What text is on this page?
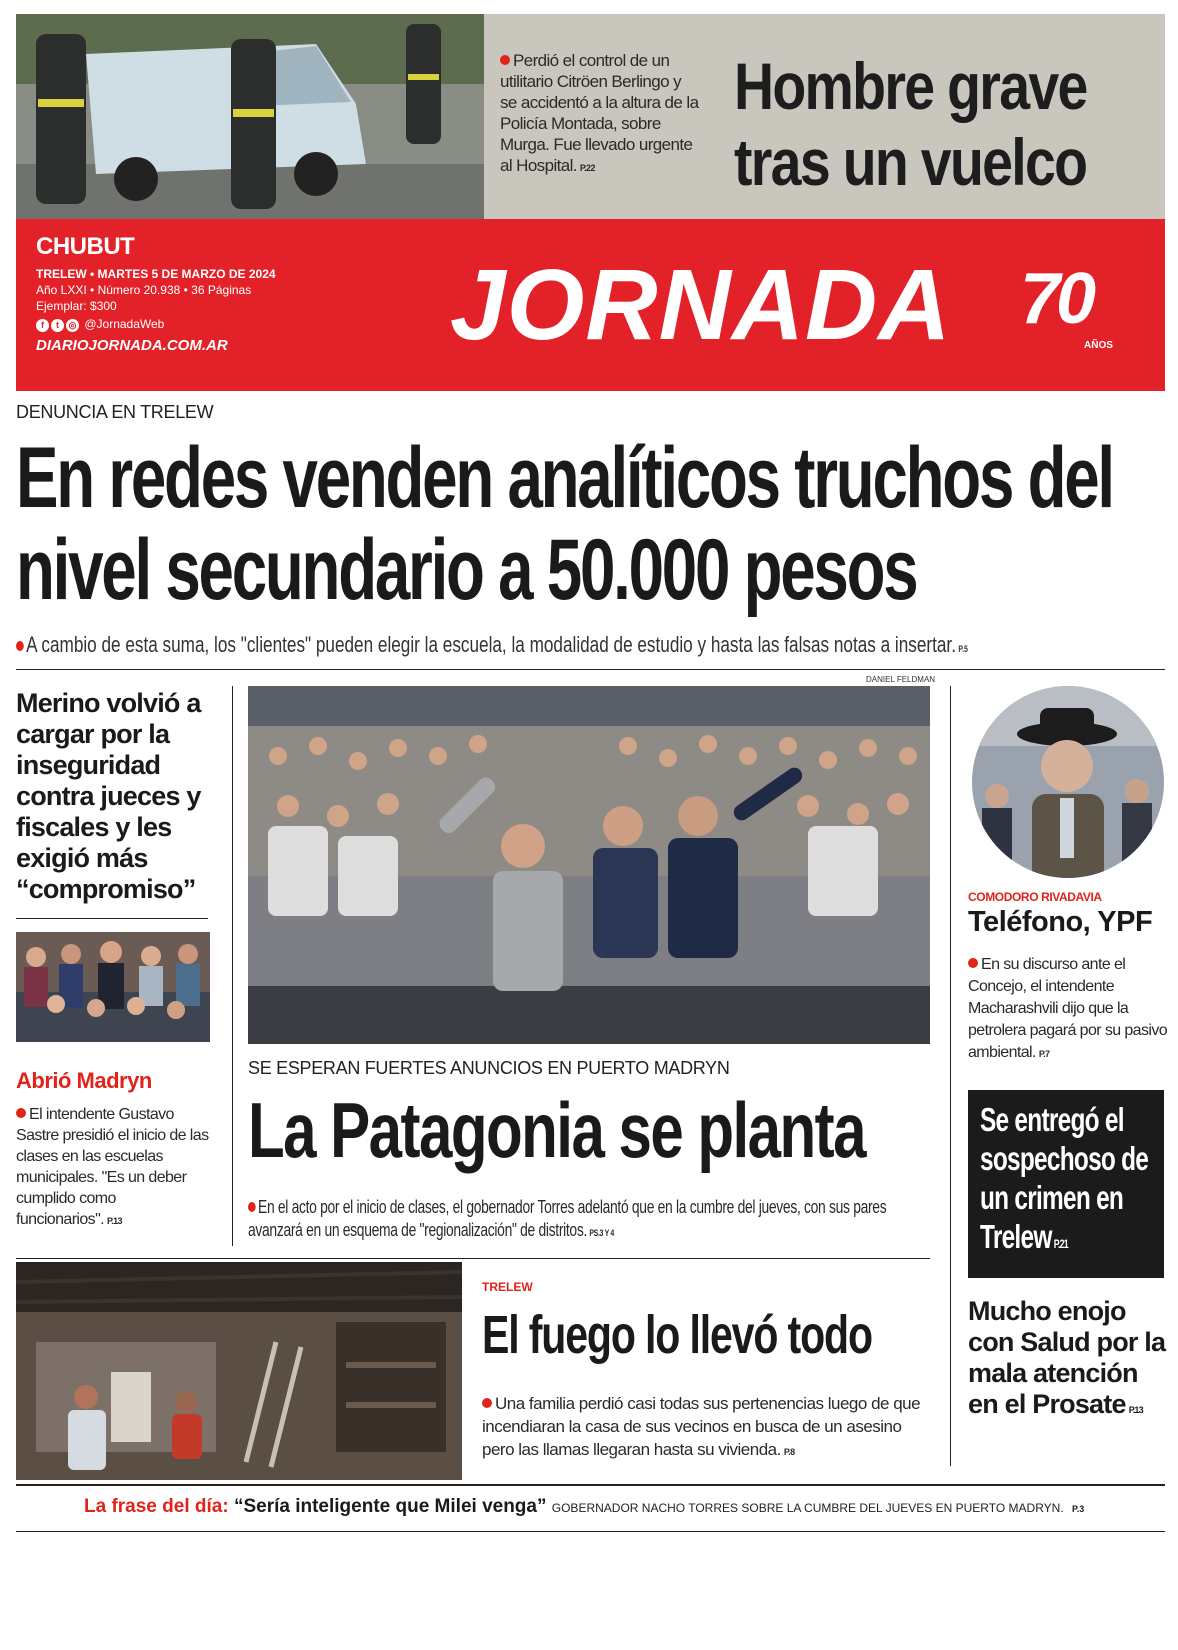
Perdió el control de un utilitario Citröen Berlingo y se accidentó a la altura de la Policía Montada, sobre Murga. Fue llevado urgente al Hospital. P.22
Hombre grave tras un vuelco
CHUBUT
TRELEW • MARTES 5 DE MARZO DE 2024
Año LXXI • Número 20.938 • 36 Páginas
Ejemplar: $300
f t ◎ @JornadaWeb
DIARIOJORNADA.COM.AR JORNADA 70
AÑOS
DENUNCIA EN TRELEW
En redes venden analíticos truchos del nivel secundario a 50.000 pesos
A cambio de esta suma, los "clientes" pueden elegir la escuela, la modalidad de estudio y hasta las falsas notas a insertar. P.5
Merino volvió a cargar por la inseguridad contra jueces y fiscales y les exigió más “compromiso”
Abrió Madryn
El intendente Gustavo Sastre presidió el inicio de las clases en las escuelas municipales. "Es un deber cumplido como funcionarios". P.13
DANIEL FELDMAN
SE ESPERAN FUERTES ANUNCIOS EN PUERTO MADRYN
La Patagonia se planta
En el acto por el inicio de clases, el gobernador Torres adelantó que en la cumbre del jueves, con sus pares avanzará en un esquema de "regionalización" de distritos. PS.3 Y 4
COMODORO RIVADAVIA
Teléfono, YPF
En su discurso ante el Concejo, el intendente Macharashvili dijo que la petrolera pagará por su pasivo ambiental. P.7
Se entregó el sospechoso de un crimen en Trelew P.21
Mucho enojo con Salud por la mala atención en el Prosate P.13
TRELEW
El fuego lo llevó todo
Una familia perdió casi todas sus pertenencias luego de que incendiaran la casa de sus vecinos en busca de un asesino pero las llamas llegaran hasta su vivienda. P.8
La frase del día: “Sería inteligente que Milei venga” GOBERNADOR NACHO TORRES SOBRE LA CUMBRE DEL JUEVES EN PUERTO MADRYN. P.3
